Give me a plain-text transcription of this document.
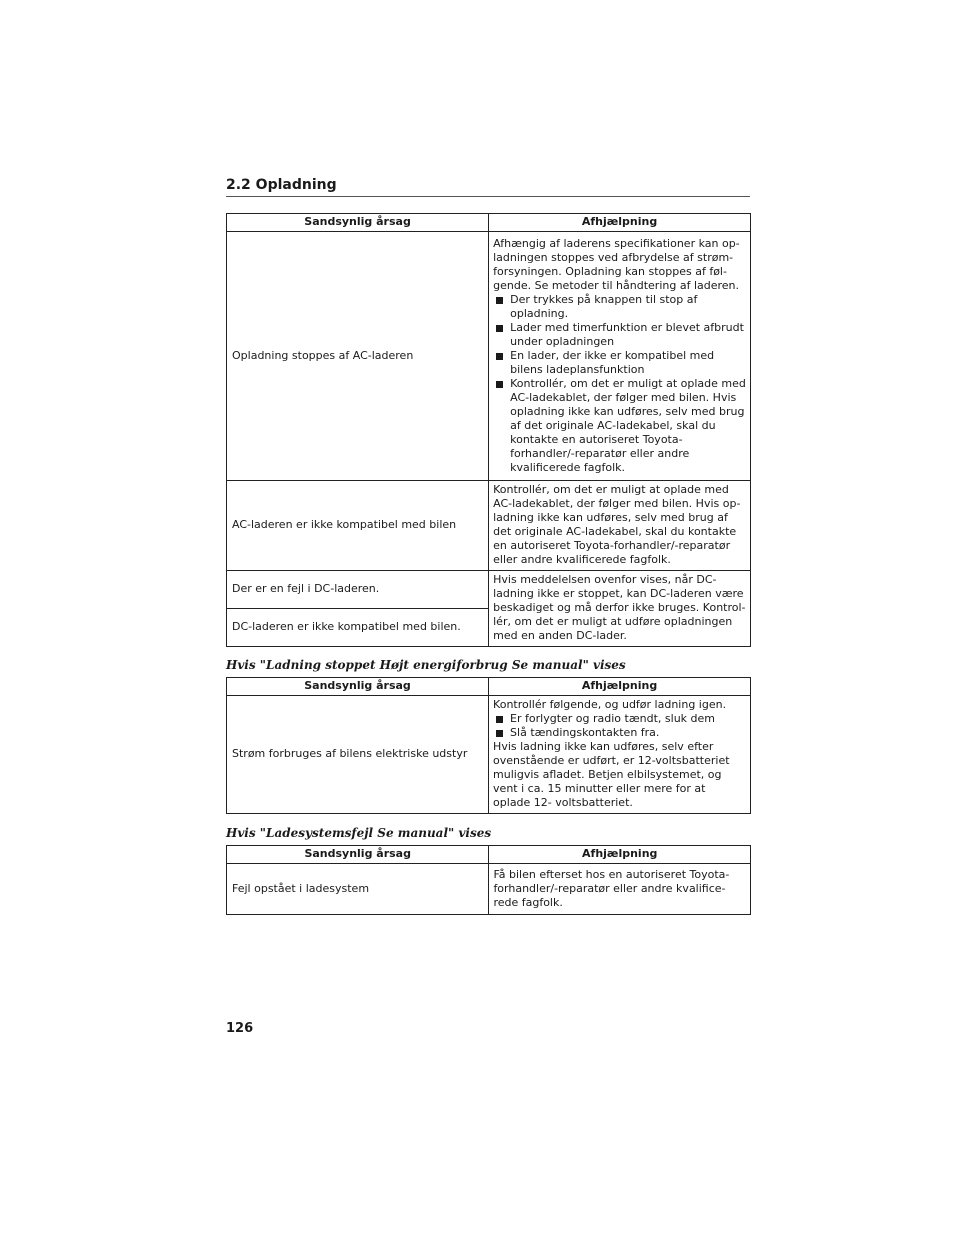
2.2 Opladning
Sandsynlig årsag	Afhjælpning
Opladning stoppes af AC-laderen	Afhængig af laderens specifikationer kan op-ladningen stoppes ved afbrydelse af strøm-forsyningen. Opladning kan stoppes af føl-gende. Se metoder til håndtering af laderen.
Der trykkes på knappen til stop af opladning.
Lader med timerfunktion er blevet afbrudt under opladningen
En lader, der ikke er kompatibel med bilens ladeplansfunktion
Kontrollér, om det er muligt at oplade med AC-ladekablet, der følger med bilen. Hvis opladning ikke kan udføres, selv med brug af det originale AC-ladekabel, skal du kontakte en autoriseret Toyota-forhandler/-reparatør eller andre kvalificerede fagfolk.

AC-laderen er ikke kompatibel med bilen	Kontrollér, om det er muligt at oplade med AC-ladekablet, der følger med bilen. Hvis op-ladning ikke kan udføres, selv med brug af det originale AC-ladekabel, skal du kontakte en autoriseret Toyota-forhandler/-reparatør eller andre kvalificerede fagfolk.
Der er en fejl i DC-laderen.	Hvis meddelelsen ovenfor vises, når DC-ladning ikke er stoppet, kan DC-laderen være beskadiget og må derfor ikke bruges. Kontrol-lér, om det er muligt at udføre opladningen med en anden DC-lader.
DC-laderen er ikke kompatibel med bilen.	
Hvis "Ladning stoppet Højt energiforbrug Se manual" vises
Sandsynlig årsag	Afhjælpning
Strøm forbruges af bilens elektriske udstyr	Kontrollér følgende, og udfør ladning igen.
Er forlygter og radio tændt, sluk dem
Slå tændingskontakten fra.
Hvis ladning ikke kan udføres, selv efter ovenstående er udført, er 12-voltsbatteriet muligvis afladet. Betjen elbilsystemet, og vent i ca. 15 minutter eller mere for at oplade 12- voltsbatteriet.
Hvis "Ladesystemsfejl Se manual" vises
Sandsynlig årsag	Afhjælpning
Fejl opstået i ladesystem	Få bilen efterset hos en autoriseret Toyota-forhandler/-reparatør eller andre kvalifice-rede fagfolk.
126
